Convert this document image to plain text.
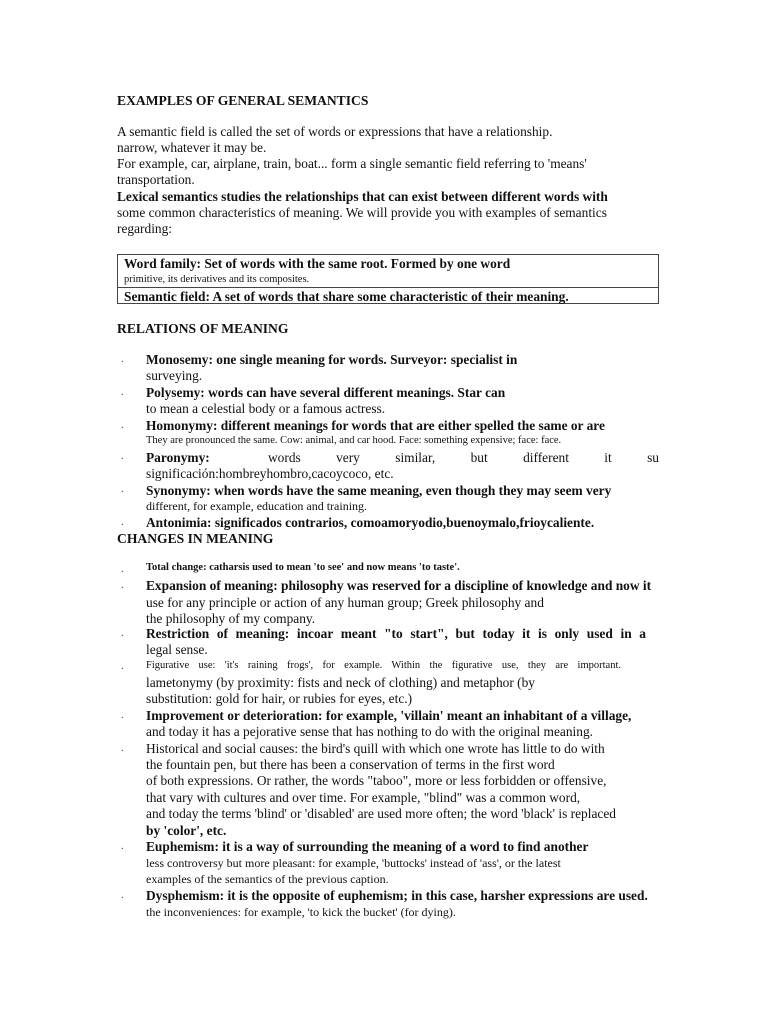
EXAMPLES OF GENERAL SEMANTICS
A semantic field is called the set of words or expressions that have a relationship.
narrow, whatever it may be.
For example, car, airplane, train, boat... form a single semantic field referring to 'means'
transportation.
Lexical semantics studies the relationships that can exist between different words with
some common characteristics of meaning. We will provide you with examples of semantics
regarding:
Word family: Set of words with the same root. Formed by one word
primitive, its derivatives and its composites.
Semantic field: A set of words that share some characteristic of their meaning.
RELATIONS OF MEANING
. Monosemy: one single meaning for words. Surveyor: specialist in
surveying.
. Polysemy: words can have several different meanings. Star can
to mean a celestial body or a famous actress.
. Homonymy: different meanings for words that are either spelled the same or are
They are pronounced the same. Cow: animal, and car hood. Face: something expensive; face: face.
. Paronymy:	words very similar, but different it su
significación:hombreyhombro,cacoycoco, etc.
. Synonymy: when words have the same meaning, even though they may seem very
different, for example, education and training.
. Antonimia: significados contrarios, comoamoryodio,buenoymalo,frioycaliente.
CHANGES IN MEANING
. Total change: catharsis used to mean 'to see' and now means 'to taste'.
. Expansion of meaning: philosophy was reserved for a discipline of knowledge and now it
use for any principle or action of any human group; Greek philosophy and
the philosophy of my company.
. Restriction of meaning: incoar meant "to start", but today it is only used in a
legal sense.
. Figurative use: 'it's raining frogs', for example. Within the figurative use, they are important.
lametonymy (by proximity: fists and neck of clothing) and metaphor (by
substitution: gold for hair, or rubies for eyes, etc.)
. Improvement or deterioration: for example, 'villain' meant an inhabitant of a village,
and today it has a pejorative sense that has nothing to do with the original meaning.
. Historical and social causes: the bird's quill with which one wrote has little to do with
the fountain pen, but there has been a conservation of terms in the first word
of both expressions. Or rather, the words "taboo", more or less forbidden or offensive,
that vary with cultures and over time. For example, "blind" was a common word,
and today the terms 'blind' or 'disabled' are used more often; the word 'black' is replaced
by 'color', etc.
. Euphemism: it is a way of surrounding the meaning of a word to find another
less controversy but more pleasant: for example, 'buttocks' instead of 'ass', or the latest
examples of the semantics of the previous caption.
. Dysphemism: it is the opposite of euphemism; in this case, harsher expressions are used.
the inconveniences: for example, 'to kick the bucket' (for dying).
